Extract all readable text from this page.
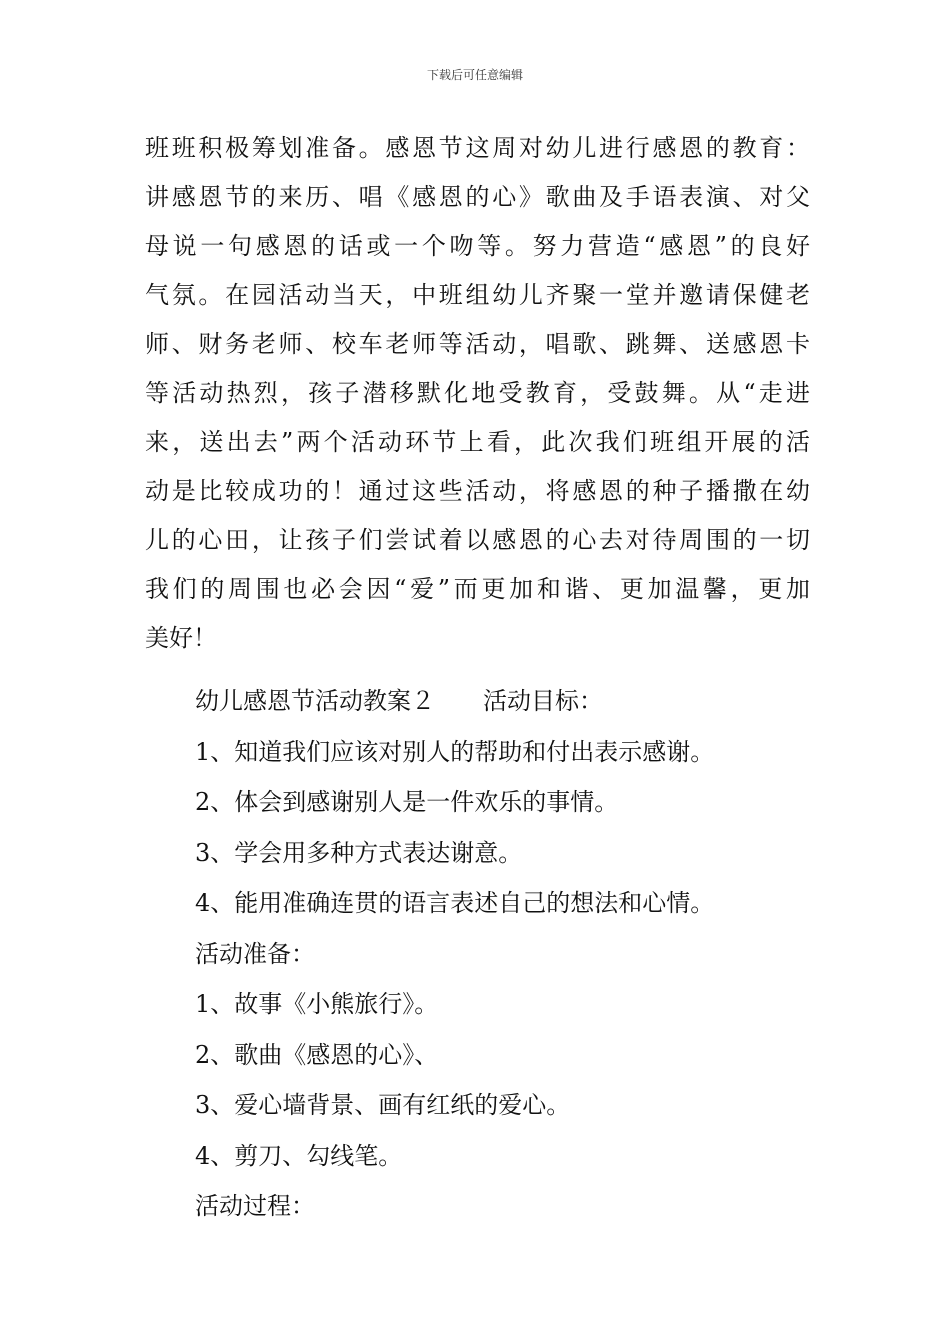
下载后可任意编辑
班班积极筹划准备。感恩节这周对幼儿进行感恩的教育：
讲感恩节的来历、唱《感恩的心》歌曲及手语表演、对父
母说一句感恩的话或一个吻等。努力营造“感恩”的良好
气氛。在园活动当天，中班组幼儿齐聚一堂并邀请保健老
师、财务老师、校车老师等活动，唱歌、跳舞、送感恩卡
等活动热烈，孩子潜移默化地受教育，受鼓舞。从“走进
来，送出去”两个活动环节上看，此次我们班组开展的活
动是比较成功的！通过这些活动，将感恩的种子播撒在幼
儿的心田，让孩子们尝试着以感恩的心去对待周围的一切
我们的周围也必会因“爱”而更加和谐、更加温馨，更加
美好！
幼儿感恩节活动教案２ 活动目标：
1、知道我们应该对别人的帮助和付出表示感谢。
2、体会到感谢别人是一件欢乐的事情。
3、学会用多种方式表达谢意。
4、能用准确连贯的语言表述自己的想法和心情。
活动准备：
1、故事《小熊旅行》。
2、歌曲《感恩的心》、
3、爱心墙背景、画有红纸的爱心。
4、剪刀、勾线笔。
活动过程：
